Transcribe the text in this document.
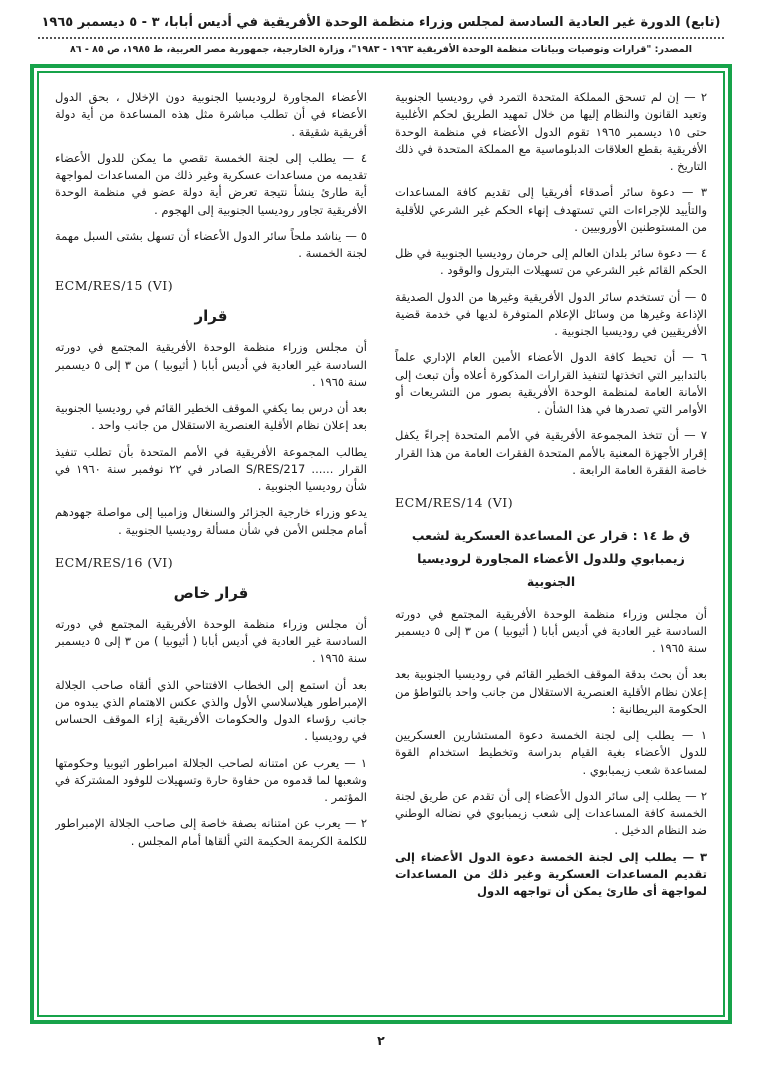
(تابع) الدورة غير العادية السادسة لمجلس وزراء منظمة الوحدة الأفريقية في أديس أبابا، ٣ - ٥ ديسمبر ١٩٦٥
المصدر: "قرارات وتوصيات وبيانات منظمة الوحدة الأفريقية ١٩٦٣ - ١٩٨٣"، وزارة الخارجية، جمهورية مصر العربية، ط ١٩٨٥، ص ٨٥ - ٨٦

٢ — إن لم تسحق المملكة المتحدة التمرد في روديسيا الجنوبية وتعيد القانون والنظام إليها من خلال تمهيد الطريق لحكم الأغلبية حتى ١٥ ديسمبر ١٩٦٥ تقوم الدول الأعضاء في منظمة الوحدة الأفريقية بقطع العلاقات الدبلوماسية مع المملكة المتحدة في ذلك التاريخ .

٣ — دعوة سائر أصدقاء أفريقيا إلى تقديم كافة المساعدات والتأييد للإجراءات التي تستهدف إنهاء الحكم غير الشرعي للأقلية من المستوطنين الأوروبيين .

٤ — دعوة سائر بلدان العالم إلى حرمان روديسيا الجنوبية في ظل الحكم القائم غير الشرعي من تسهيلات البترول والوقود .

٥ — أن تستخدم سائر الدول الأفريقية وغيرها من الدول الصديقة الإذاعة وغيرها من وسائل الإعلام المتوفرة لديها في خدمة قضية الأفريقيين في روديسيا الجنوبية .

٦ — أن تحيط كافة الدول الأعضاء الأمين العام الإداري علماً بالتدابير التي اتخذتها لتنفيذ القرارات المذكورة أعلاه وأن تبعث إلى الأمانة العامة لمنظمة الوحدة الأفريقية بصور من التشريعات أو الأوامر التي تصدرها في هذا الشأن .

٧ — أن تتخذ المجموعة الأفريقية في الأمم المتحدة إجراءً يكفل إقرار الأجهزة المعنية بالأمم المتحدة الفقرات العامة من هذا القرار خاصة الفقرة العامة الرابعة .

ECM/RES/14 (VI)
ق ط ١٤ : قرار عن المساعدة العسكرية لشعب زيمبابوي وللدول الأعضاء المجاورة لروديسيا الجنوبية

أن مجلس وزراء منظمة الوحدة الأفريقية المجتمع في دورته السادسة غير العادية في أديس أبابا ( أثيوبيا ) من ٣ إلى ٥ ديسمبر سنة ١٩٦٥ .

بعد أن بحث بدقة الموقف الخطير القائم في روديسيا الجنوبية بعد إعلان نظام الأقلية العنصرية الاستقلال من جانب واحد بالتواطؤ من الحكومة البريطانية :

١ — يطلب إلى لجنة الخمسة دعوة المستشارين العسكريين للدول الأعضاء بغية القيام بدراسة وتخطيط استخدام القوة لمساعدة شعب زيمبابوي .

٢ — يطلب إلى سائر الدول الأعضاء إلى أن تقدم عن طريق لجنة الخمسة كافة المساعدات إلى شعب زيمبابوي في نضاله الوطني ضد النظام الدخيل .

٣ — يطلب إلى لجنة الخمسة دعوة الدول الأعضاء إلى تقديم المساعدات العسكرية وغير ذلك من المساعدات لمواجهة أى طارئ يمكن أن تواجهه الدول

الأعضاء المجاورة لروديسيا الجنوبية دون الإخلال ، بحق الدول الأعضاء في أن تطلب مباشرة مثل هذه المساعدة من أية دولة أفريقية شقيقة .

٤ — يطلب إلى لجنة الخمسة تقصي ما يمكن للدول الأعضاء تقديمه من مساعدات عسكرية وغير ذلك من المساعدات لمواجهة أية طارئ ينشأ نتيجة تعرض أية دولة عضو في منظمة الوحدة الأفريقية تجاور روديسيا الجنوبية إلى الهجوم .

٥ — يناشد ملحاً سائر الدول الأعضاء أن تسهل بشتى السبل مهمة لجنة الخمسة .

ECM/RES/15 (VI)
قرار

أن مجلس وزراء منظمة الوحدة الأفريقية المجتمع في دورته السادسة غير العادية في أديس أبابا ( أثيوبيا ) من ٣ إلى ٥ ديسمبر سنة ١٩٦٥ .

بعد أن درس بما يكفي الموقف الخطير القائم في روديسيا الجنوبية بعد إعلان نظام الأقلية العنصرية الاستقلال من جانب واحد .

يطالب المجموعة الأفريقية في الأمم المتحدة بأن تطلب تنفيذ القرار ...... S/RES/217 الصادر في ٢٢ نوفمبر سنة ١٩٦٠ في شأن روديسيا الجنوبية .

يدعو وزراء خارجية الجزائر والسنغال وزامبيا إلى مواصلة جهودهم أمام مجلس الأمن في شأن مسألة روديسيا الجنوبية .

ECM/RES/16 (VI)
قرار خاص

أن مجلس وزراء منظمة الوحدة الأفريقية المجتمع في دورته السادسة غير العادية في أديس أبابا ( أثيوبيا ) من ٣ إلى ٥ ديسمبر سنة ١٩٦٥ .

بعد أن استمع إلى الخطاب الافتتاحي الذي ألقاه صاحب الجلالة الإمبراطور هيلاسلاسي الأول والذي عكس الاهتمام الذي يبدوه من جانب رؤساء الدول والحكومات الأفريقية إزاء الموقف الحساس في روديسيا .

١ — يعرب عن امتنانه لصاحب الجلالة امبراطور اثيوبيا وحكومتها وشعبها لما قدموه من حفاوة حارة وتسهيلات للوفود المشتركة في المؤتمر .

٢ — يعرب عن امتنانه بصفة خاصة إلى صاحب الجلالة الإمبراطور للكلمة الكريمة الحكيمة التي ألقاها أمام المجلس .

٢
